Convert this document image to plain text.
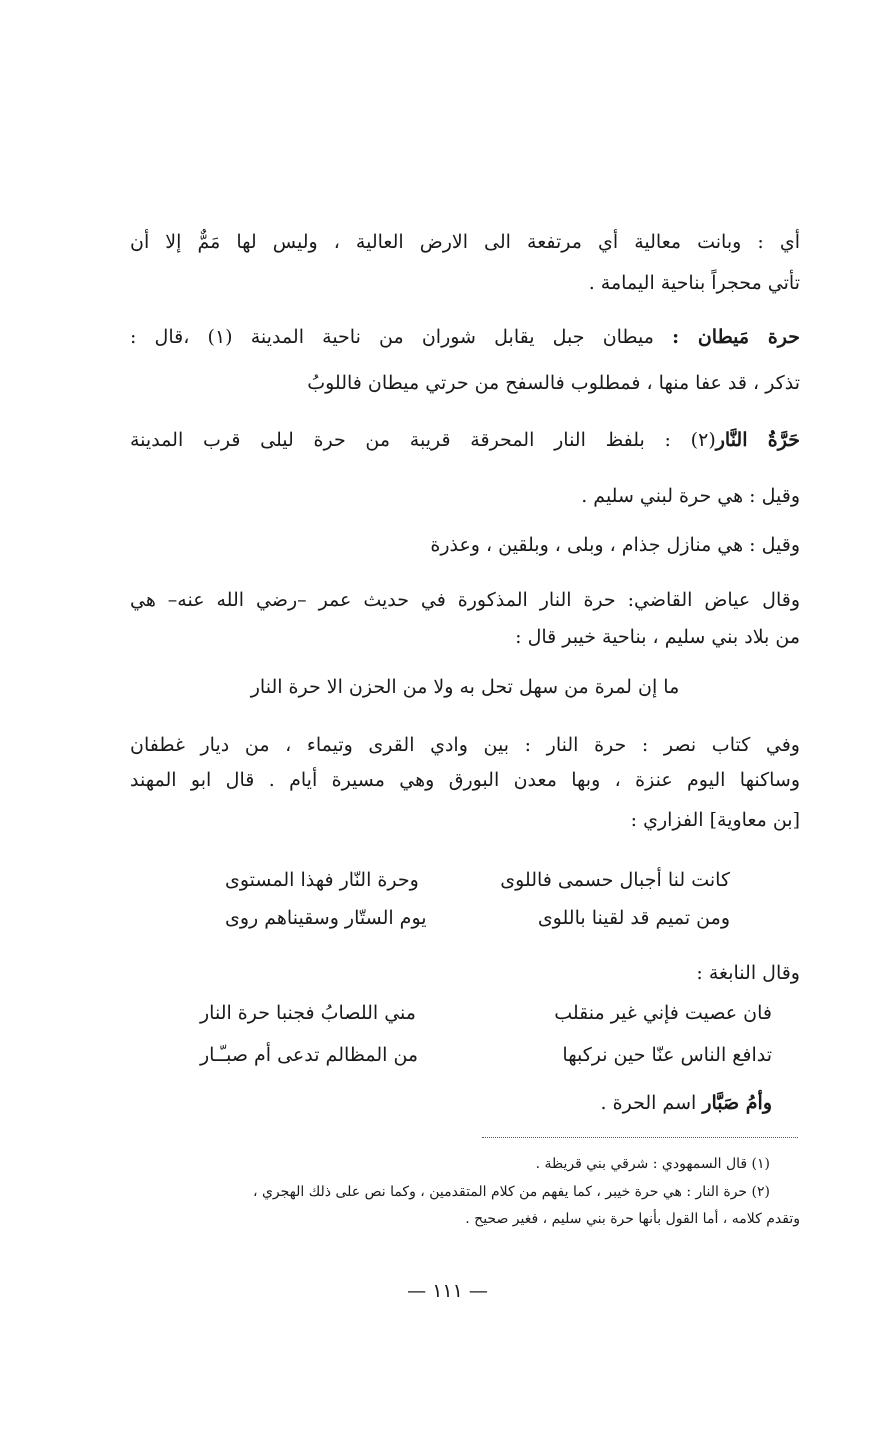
أي : وبانت معالية أي مرتفعة الى الارض العالية ، وليس لها مَمٌّ إلا أن
تأتي محجراً بناحية اليمامة .
حرة مَيطان : ميطان جبل يقابل شوران من ناحية المدينة (١) ،قال :
تذكر ، قد عفا منها ، فمطلوب فالسفح من حرتي ميطان فاللوبُ
حَرَّةُ النَّار(٢) : بلفظ النار المحرقة قريبة من حرة ليلى قرب المدينة
وقيل : هي حرة لبني سليم .
وقيل : هي منازل جذام ، وبلى ، وبلقين ، وعذرة
وقال عياض القاضي: حرة النار المذكورة في حديث عمر –رضي الله عنه– هي
من بلاد بني سليم ، بناحية خيبر قال :
ما إن لمرة من سهل تحل به ولا من الحزن الا حرة النار
وفي كتاب نصر : حرة النار : بين وادي القرى وتيماء ، من ديار غطفان
وساكنها اليوم عنزة ، وبها معدن البورق وهي مسيرة أيام . قال ابو المهند
[بن معاوية] الفزاري :
كانت لنا أجبال حسمى فاللوى
وحرة النّار فهذا المستوى
ومن تميم قد لقينا باللوى
يوم الستّار وسقيناهم روى
وقال النابغة :
فان عصيت فإني غير منقلب
مني اللصابُ فجنبا حرة النار
تدافع الناس عنّا حين نركبها
من المظالم تدعى أم صبـّـار
وأمُ صَبَّار اسم الحرة .
(١) قال السمهودي : شرقي بني قريظة .
(٢) حرة النار : هي حرة خيبر ، كما يفهم من كلام المتقدمين ، وكما نص على ذلك الهجري ،
وتقدم كلامه ، أما القول بأنها حرة بني سليم ، فغير صحيح .
— ١١١ —
